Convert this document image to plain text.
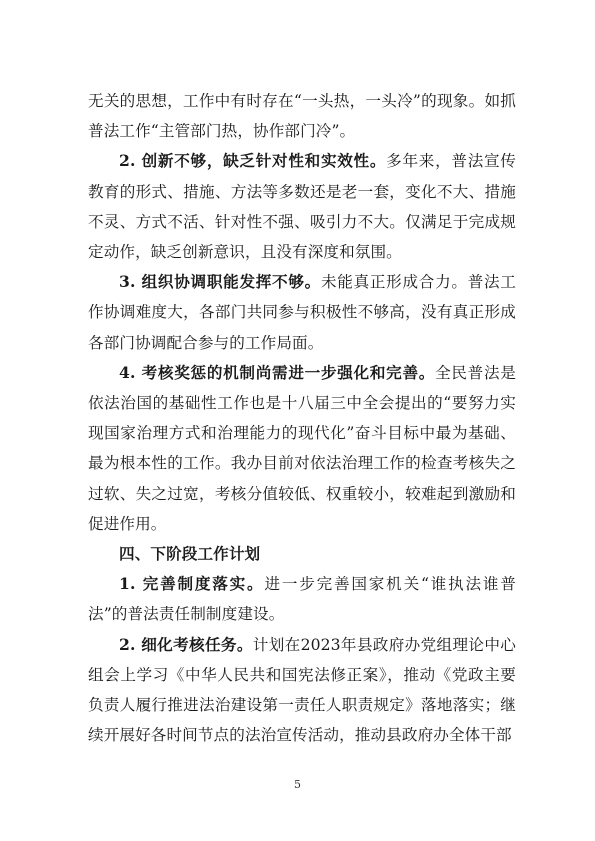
无关的思想，工作中有时存在“一头热，一头冷”的现象。如抓普法工作“主管部门热，协作部门冷”。

2. 创新不够，缺乏针对性和实效性。多年来，普法宣传教育的形式、措施、方法等多数还是老一套，变化不大、措施不灵、方式不活、针对性不强、吸引力不大。仅满足于完成规定动作，缺乏创新意识，且没有深度和氛围。

3. 组织协调职能发挥不够。未能真正形成合力。普法工作协调难度大，各部门共同参与积极性不够高，没有真正形成各部门协调配合参与的工作局面。

4. 考核奖惩的机制尚需进一步强化和完善。全民普法是依法治国的基础性工作也是十八届三中全会提出的“要努力实现国家治理方式和治理能力的现代化”奋斗目标中最为基础、最为根本性的工作。我办目前对依法治理工作的检查考核失之过软、失之过宽，考核分值较低、权重较小，较难起到激励和促进作用。

四、下阶段工作计划

1. 完善制度落实。进一步完善国家机关“谁执法谁普法”的普法责任制制度建设。

2. 细化考核任务。计划在2023年县政府办党组理论中心组会上学习《中华人民共和国宪法修正案》，推动《党政主要负责人履行推进法治建设第一责任人职责规定》落地落实；继续开展好各时间节点的法治宣传活动，推动县政府办全体干部

5
